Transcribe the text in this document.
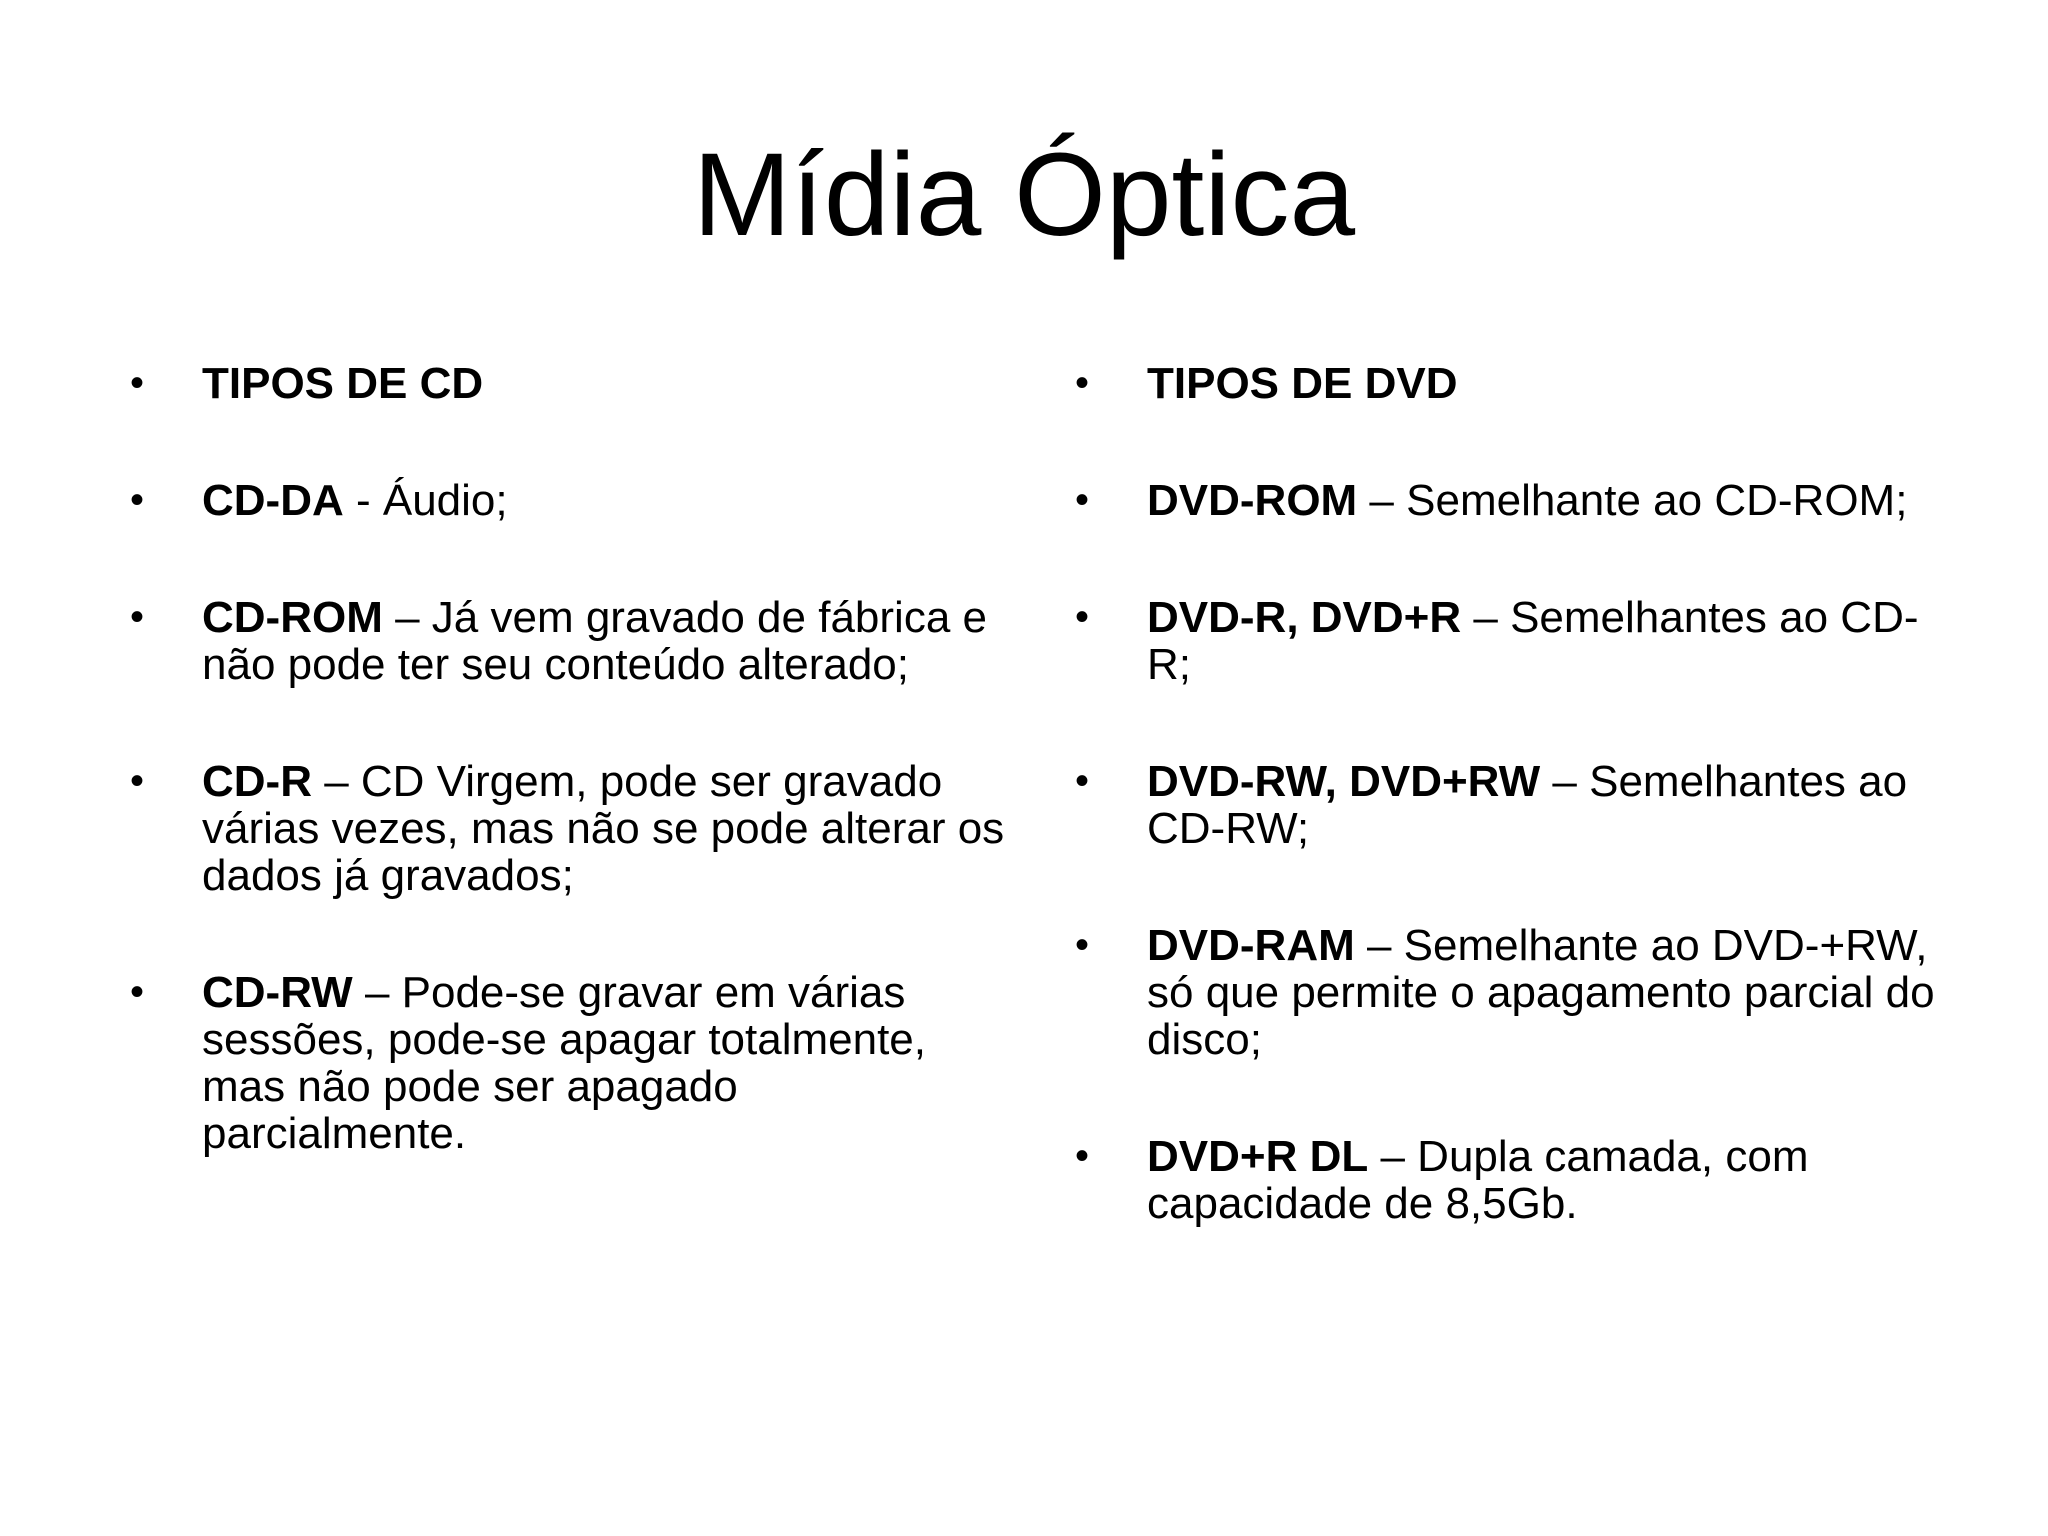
Mídia Óptica
•	TIPOS DE CD
•	CD-DA - Áudio;
•	CD-ROM – Já vem gravado de fábrica e não pode ter seu conteúdo alterado;
•	CD-R – CD Virgem, pode ser gravado várias vezes, mas não se pode alterar os dados já gravados;
•	CD-RW – Pode-se gravar em várias sessões, pode-se apagar totalmente, mas não pode ser apagado parcialmente.
•	TIPOS DE DVD
•	DVD-ROM – Semelhante ao CD-ROM;
•	DVD-R, DVD+R – Semelhantes ao CD-R;
•	DVD-RW, DVD+RW – Semelhantes ao CD-RW;
•	DVD-RAM – Semelhante ao DVD-+RW, só que permite o apagamento parcial do disco;
•	DVD+R DL – Dupla camada, com capacidade de 8,5Gb.
